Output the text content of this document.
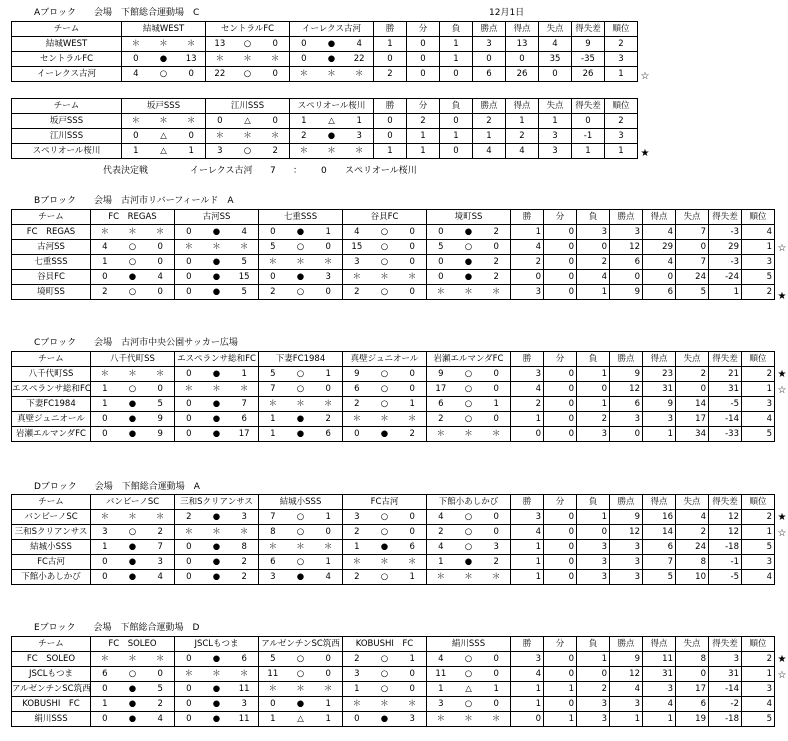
Aブロック　　会場　下館総合運動場　C	12月1日
チーム	結城WEST	セントラルFC	イーレクス古河	勝	分	負	勝点	得点	失点	得失差	順位
結城WEST	＊ ＊ ＊	13 ○ 0	0 ● 4	1	0	1	3	13	4	9	2
セントラルFC	0 ● 13	＊ ＊ ＊	0 ● 22	0	0	1	0	0	35	-35	3
イーレクス古河	4 ○ 0	22 ○ 0	＊ ＊ ＊	2	0	0	6	26	0	26	1 ☆
チーム	坂戸SSS	江川SSS	スペリオール桜川	勝	分	負	勝点	得点	失点	得失差	順位
坂戸SSS	＊ ＊ ＊	0 △ 0	1 △ 1	0	2	0	2	1	1	0	2
江川SSS	0 △ 0	＊ ＊ ＊	2 ● 3	0	1	1	1	2	3	-1	3
スペリオール桜川	1 △ 1	3 ○ 2	＊ ＊ ＊	1	1	0	4	4	3	1	1 ★
Bブロック　　会場　古河市リバーフィールド　A
チーム	FC　REGAS	古河SS	七重SSS	谷貝FC	境町SS	勝	分	負	勝点	得点	失点	得失差	順位
FC　REGAS	＊ ＊ ＊	0 ● 4	0 ● 1	4 ○ 0	0 ● 2	1	0	3	3	4	7	-3	4
古河SS	4 ○ 0	＊ ＊ ＊	5 ○ 0	15 ○ 0	5 ○ 0	4	0	0	12	29	0	29	1
七重SSS	1 ○ 0	0 ● 5	＊ ＊ ＊	3 ○ 0	0 ● 2	2	0	2	6	4	7	-3	3
谷貝FC	0 ● 4	0 ● 15	0 ● 3	＊ ＊ ＊	0 ● 2	0	0	4	0	0	24	-24	5
境町SS	2 ○ 0	0 ● 5	2 ○ 0	2 ○ 0	＊ ＊ ＊	3	0	1	9	6	5	1	2
☆
★
Cブロック　　会場　古河市中央公園サッカー広場
チーム	八千代町SS	エスペランサ総和FC	下妻FC1984	真壁ジュニオール	岩瀬エルマンダFC	勝	分	負	勝点	得点	失点	得失差	順位
八千代町SS	＊ ＊ ＊	0 ● 1	5 ○ 1	9 ○ 0	9 ○ 0	3	0	1	9	23	2	21	2
エスペランサ総和FC	1 ○ 0	＊ ＊ ＊	7 ○ 0	6 ○ 0	17 ○ 0	4	0	0	12	31	0	31	1
下妻FC1984	1 ● 5	0 ● 7	＊ ＊ ＊	2 ○ 1	6 ○ 1	2	0	1	6	9	14	-5	3
真壁ジュニオール	0 ● 9	0 ● 6	1 ● 2	＊ ＊ ＊	2 ○ 0	1	0	2	3	3	17	-14	4
岩瀬エルマンダFC	0 ● 9	0 ● 17	1 ● 6	0 ● 2	＊ ＊ ＊	0	0	3	0	1	34	-33	5
★
☆
Dブロック　　会場　下館総合運動場　A
チーム	バンビーノSC	三和Sクリアンサス	結城小SSS	FC古河	下館小あしかび	勝	分	負	勝点	得点	失点	得失差	順位
バンビーノSC	＊ ＊ ＊	2 ● 3	7 ○ 1	3 ○ 0	4 ○ 0	3	0	1	9	16	4	12	2
三和Sクリアンサス	3 ○ 2	＊ ＊ ＊	8 ○ 0	2 ○ 0	2 ○ 0	4	0	0	12	14	2	12	1
結城小SSS	1 ● 7	0 ● 8	＊ ＊ ＊	1 ● 6	4 ○ 3	1	0	3	3	6	24	-18	5
FC古河	0 ● 3	0 ● 2	6 ○ 1	＊ ＊ ＊	1 ● 2	1	0	3	3	7	8	-1	3
下館小あしかび	0 ● 4	0 ● 2	3 ● 4	2 ○ 1	＊ ＊ ＊	1	0	3	3	5	10	-5	4
★
☆
Eブロック　　会場　下館総合運動場　D
チーム	FC　SOLEO	JSCLもつま	アルゼンチンSC筑西	KOBUSHI　FC	絹川SSS	勝	分	負	勝点	得点	失点	得失差	順位
FC　SOLEO	＊ ＊ ＊	0 ● 6	5 ○ 0	2 ○ 1	4 ○ 0	3	0	1	9	11	8	3	2
JSCLもつま	6 ○ 0	＊ ＊ ＊	11 ○ 0	3 ○ 0	11 ○ 0	4	0	0	12	31	0	31	1
アルゼンチンSC筑西	0 ● 5	0 ● 11	＊ ＊ ＊	1 ○ 0	1 △ 1	1	1	2	4	3	17	-14	3
KOBUSHI　FC	1 ● 2	0 ● 3	0 ● 1	＊ ＊ ＊	3 ○ 0	1	0	3	3	4	6	-2	4
絹川SSS	0 ● 4	0 ● 11	1 △ 1	0 ● 3	＊ ＊ ＊	0	1	3	1	1	19	-18	5
★
☆
代表決定戦	イーレクス古河 7 ： 0 スペリオール桜川
